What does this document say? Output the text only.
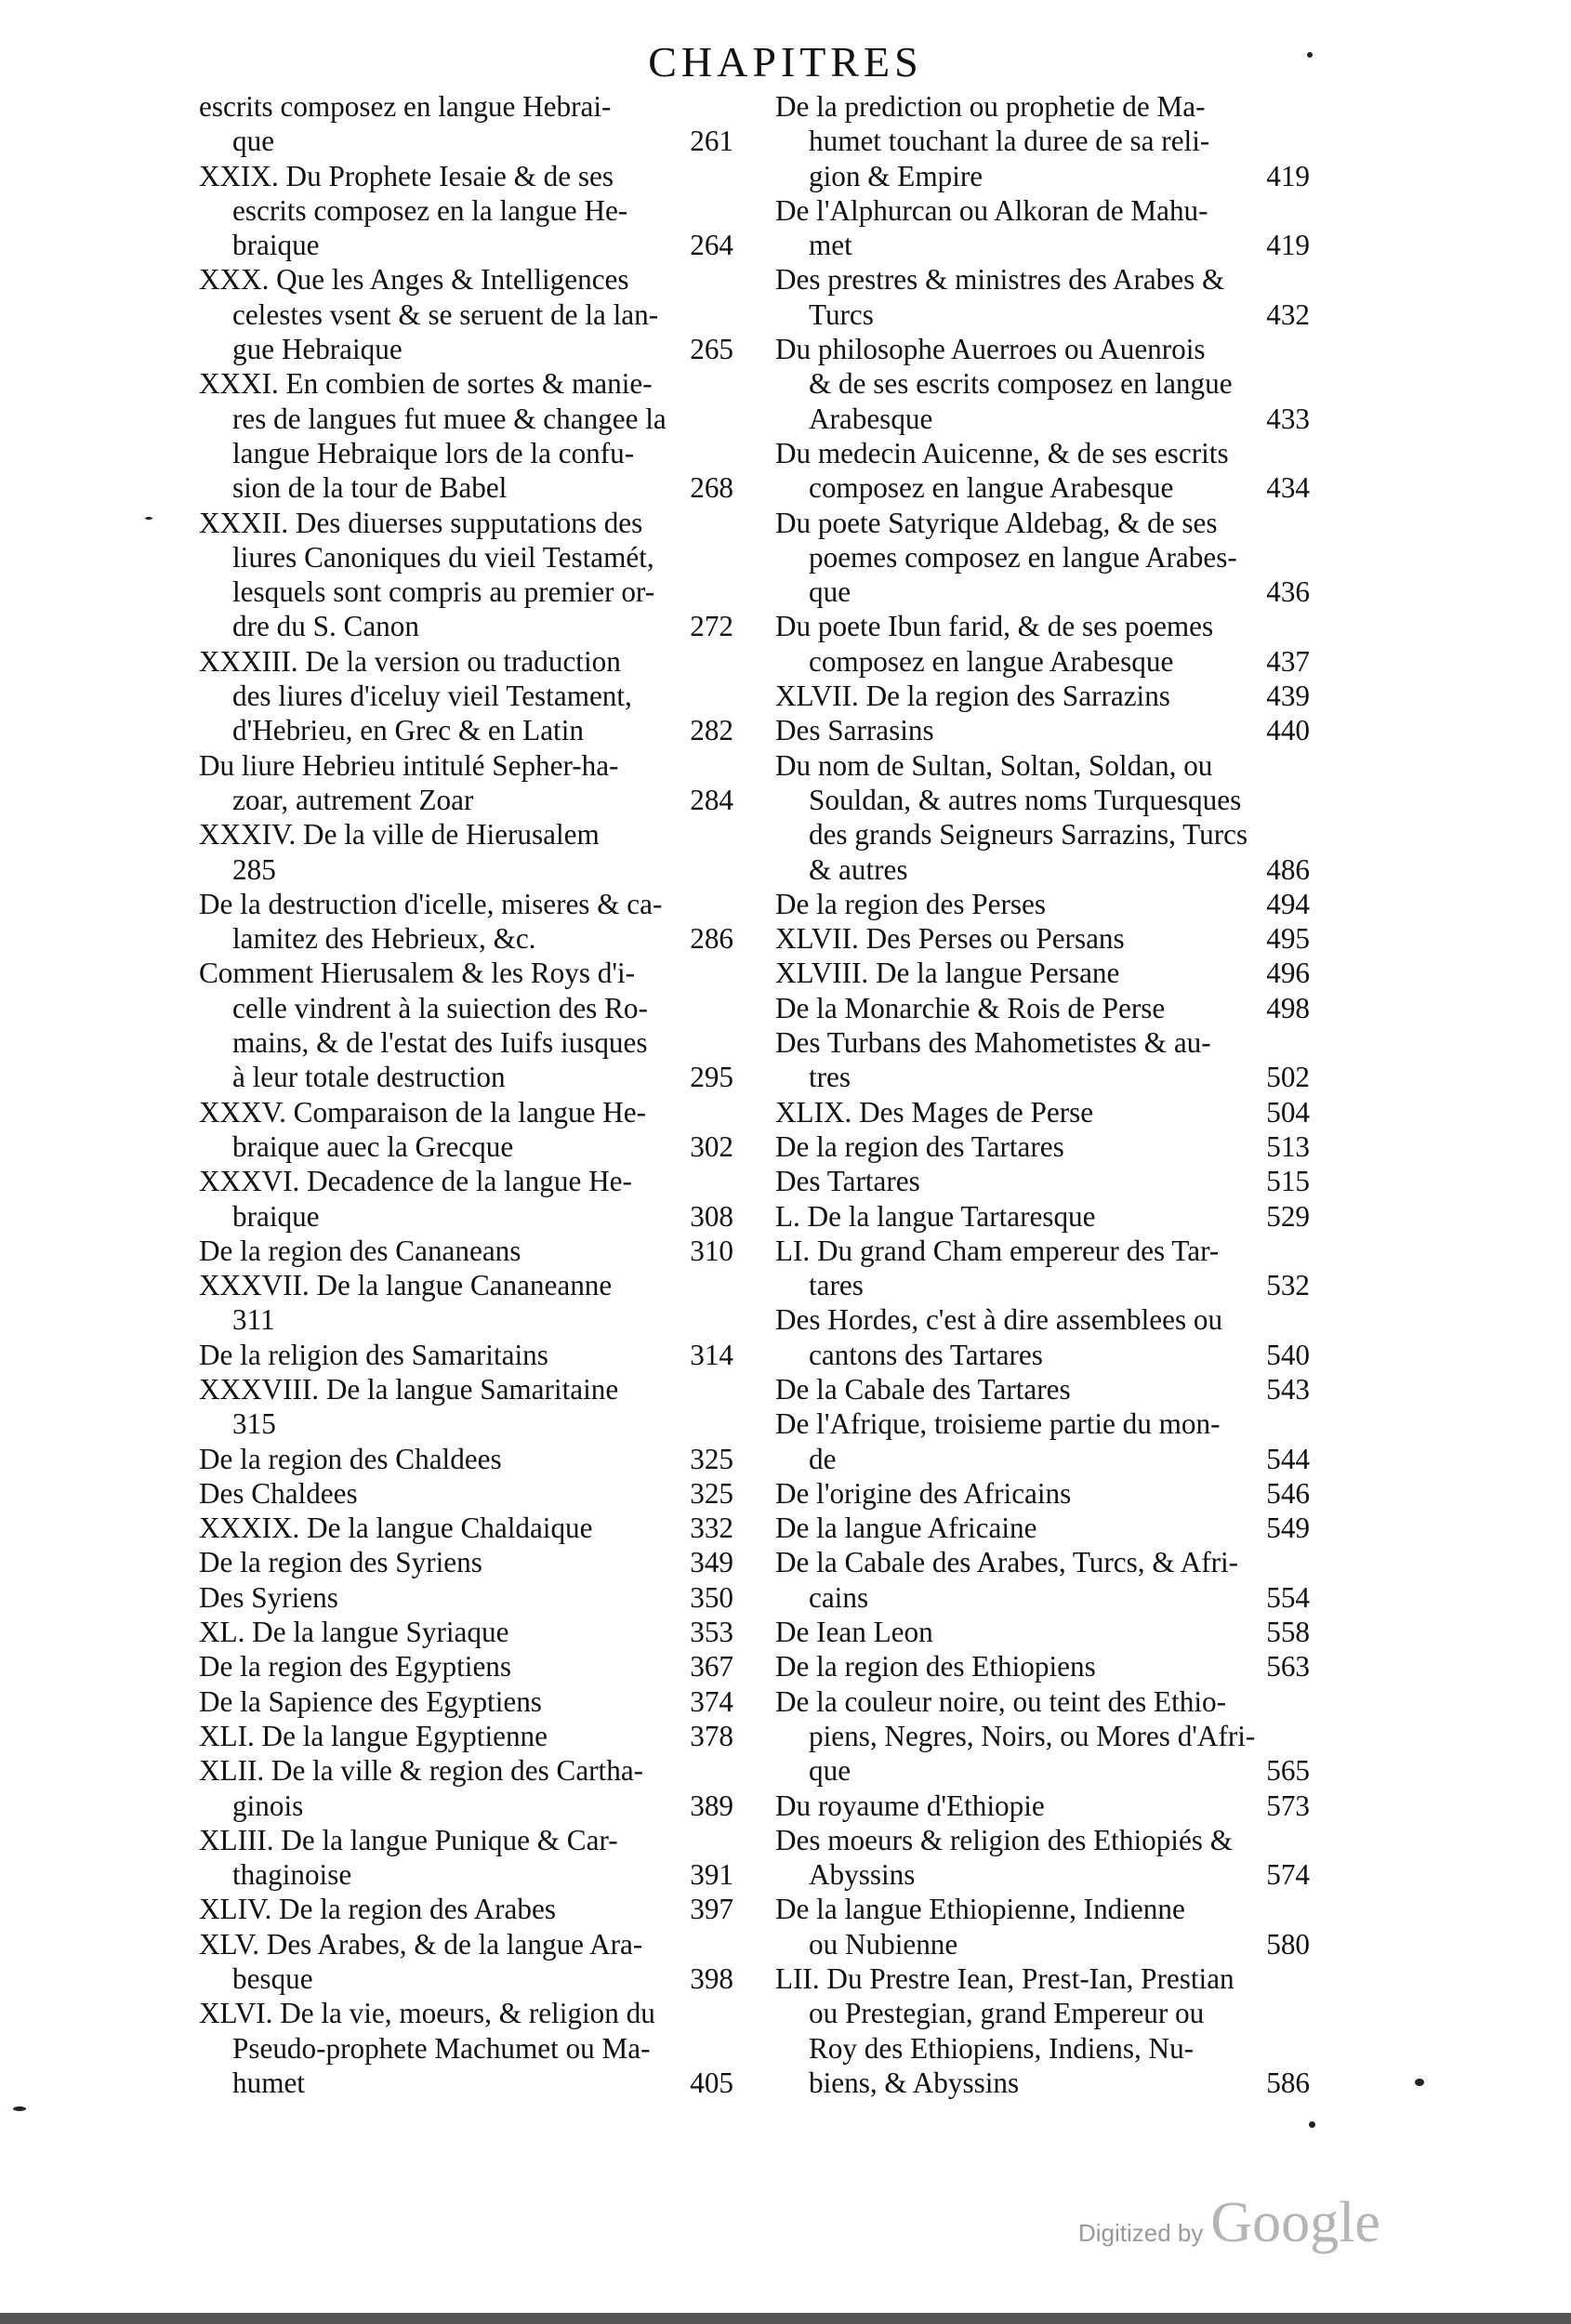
CHAPITRES
escrits composez en langue Hebrai-
que	261
XXIX. Du Prophete Iesaie & de ses
escrits composez en la langue He-
braique	264
XXX. Que les Anges & Intelligences
celestes vsent & se seruent de la lan-
gue Hebraique	265
XXXI. En combien de sortes & manie-
res de langues fut muee & changee la
langue Hebraique lors de la confu-
sion de la tour de Babel	268
XXXII. Des diuerses supputations des
liures Canoniques du vieil Testamét,
lesquels sont compris au premier or-
dre du S. Canon	272
XXXIII. De la version ou traduction
des liures d'iceluy vieil Testament,
d'Hebrieu, en Grec & en Latin	282
Du liure Hebrieu intitulé Sepher-ha-
zoar, autrement Zoar	284
XXXIV. De la ville de Hierusalem
285
De la destruction d'icelle, miseres & ca-
lamitez des Hebrieux, &c.	286
Comment Hierusalem & les Roys d'i-
celle vindrent à la suiection des Ro-
mains, & de l'estat des Iuifs iusques
à leur totale destruction	295
XXXV. Comparaison de la langue He-
braique auec la Grecque	302
XXXVI. Decadence de la langue He-
braique	308
De la region des Cananeans	310
XXXVII. De la langue Cananeanne
311
De la religion des Samaritains	314
XXXVIII. De la langue Samaritaine
315
De la region des Chaldees	325
Des Chaldees	325
XXXIX. De la langue Chaldaique	332
De la region des Syriens	349
Des Syriens	350
XL. De la langue Syriaque	353
De la region des Egyptiens	367
De la Sapience des Egyptiens	374
XLI. De la langue Egyptienne	378
XLII. De la ville & region des Cartha-
ginois	389
XLIII. De la langue Punique & Car-
thaginoise	391
XLIV. De la region des Arabes	397
XLV. Des Arabes, & de la langue Ara-
besque	398
XLVI. De la vie, moeurs, & religion du
Pseudo-prophete Machumet ou Ma-
humet	405
De la prediction ou prophetie de Ma-
humet touchant la duree de sa reli-
gion & Empire	419
De l'Alphurcan ou Alkoran de Mahu-
met	419
Des prestres & ministres des Arabes &
Turcs	432
Du philosophe Auerroes ou Auenrois
& de ses escrits composez en langue
Arabesque	433
Du medecin Auicenne, & de ses escrits
composez en langue Arabesque	434
Du poete Satyrique Aldebag, & de ses
poemes composez en langue Arabes-
que	436
Du poete Ibun farid, & de ses poemes
composez en langue Arabesque	437
XLVII. De la region des Sarrazins	439
Des Sarrasins	440
Du nom de Sultan, Soltan, Soldan, ou
Souldan, & autres noms Turquesques
des grands Seigneurs Sarrazins, Turcs
& autres	486
De la region des Perses	494
XLVII. Des Perses ou Persans	495
XLVIII. De la langue Persane	496
De la Monarchie & Rois de Perse	498
Des Turbans des Mahometistes & au-
tres	502
XLIX. Des Mages de Perse	504
De la region des Tartares	513
Des Tartares	515
L. De la langue Tartaresque	529
LI. Du grand Cham empereur des Tar-
tares	532
Des Hordes, c'est à dire assemblees ou
cantons des Tartares	540
De la Cabale des Tartares	543
De l'Afrique, troisieme partie du mon-
de	544
De l'origine des Africains	546
De la langue Africaine	549
De la Cabale des Arabes, Turcs, & Afri-
cains	554
De Iean Leon	558
De la region des Ethiopiens	563
De la couleur noire, ou teint des Ethio-
piens, Negres, Noirs, ou Mores d'Afri-
que	565
Du royaume d'Ethiopie	573
Des moeurs & religion des Ethiopiés &
Abyssins	574
De la langue Ethiopienne, Indienne
ou Nubienne	580
LII. Du Prestre Iean, Prest-Ian, Prestian
ou Prestegian, grand Empereur ou
Roy des Ethiopiens, Indiens, Nu-
biens, & Abyssins	586
Digitized by Google
